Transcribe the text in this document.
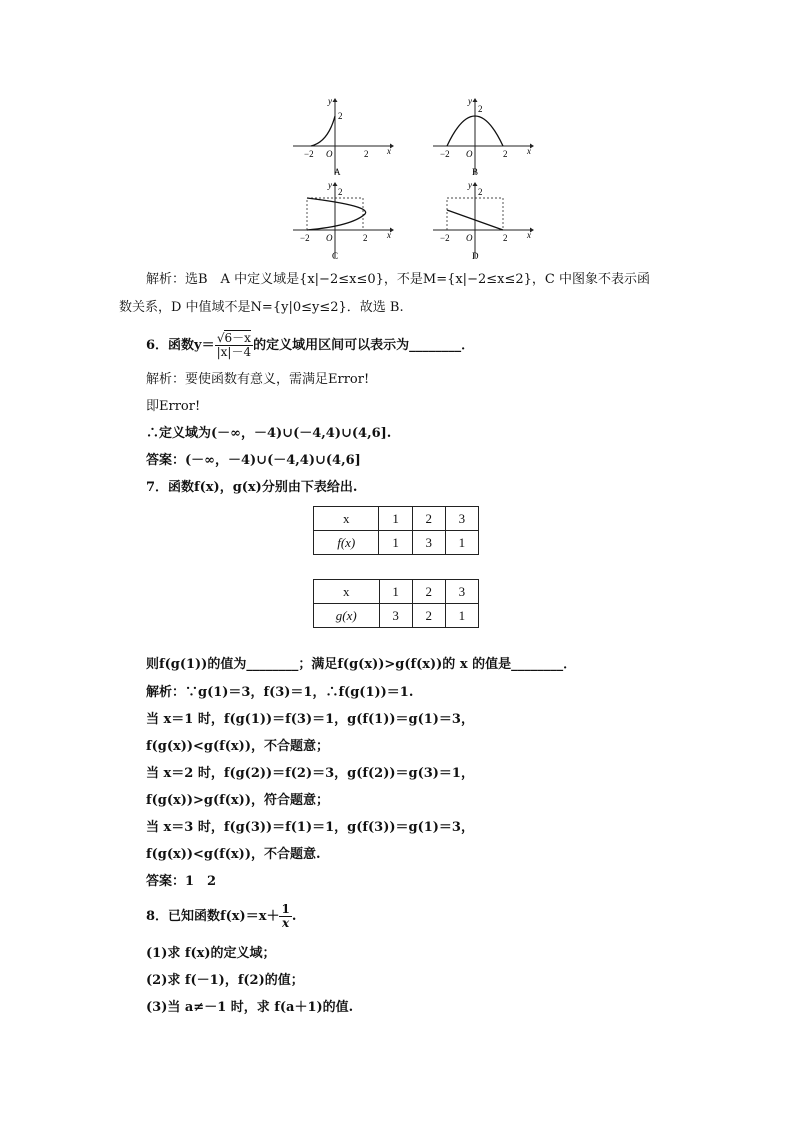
y
x
−2 O	2
2
A
y
x
−2 O	2
2
B
y
x
−2 O	2
2
C
y
x
−2 O	2
2
D
解析：选B　A 中定义域是{x|−2≤x≤0}，不是M={x|−2≤x≤2}，C 中图象不表示函
数关系，D 中值域不是N={y|0≤y≤2}．故选 B.
6．函数$y= \frac{√6-x}{|x|-4}$ 的定义域用区间可以表示为________．
解析：要使函数有意义，需满足Error!
即Error!
∴定义域为(－∞，－4)∪(－4,4)∪(4,6].
答案：(－∞，－4)∪(－4,4)∪(4,6]
7．函数f(x)，g(x)分别由下表给出.
x	1	2	3
f(x)	1	3	1
x	1	2	3
g(x)	3	2	1
则f(g(1))的值为________；满足f(g(x))>g(f(x))的 x 的值是________．
解析：∵g(1)＝3，f(3)＝1，∴f(g(1))＝1.
当 x＝1 时，f(g(1))＝f(3)＝1，g(f(1))＝g(1)＝3，
f(g(x))<g(f(x))，不合题意；
当 x＝2 时，f(g(2))＝f(2)＝3，g(f(2))＝g(3)＝1，
f(g(x))>g(f(x))，符合题意；
当 x＝3 时，f(g(3))＝f(1)＝1，g(f(3))＝g(1)＝3，
f(g(x))<g(f(x))，不合题意.
答案：1　2
8．已知函数$f(x)=x+ \frac{1}{x}$ .
(1)求 f(x)的定义域；
(2)求 f(－1)，f(2)的值；
(3)当 a≠－1 时，求 f(a＋1)的值.
